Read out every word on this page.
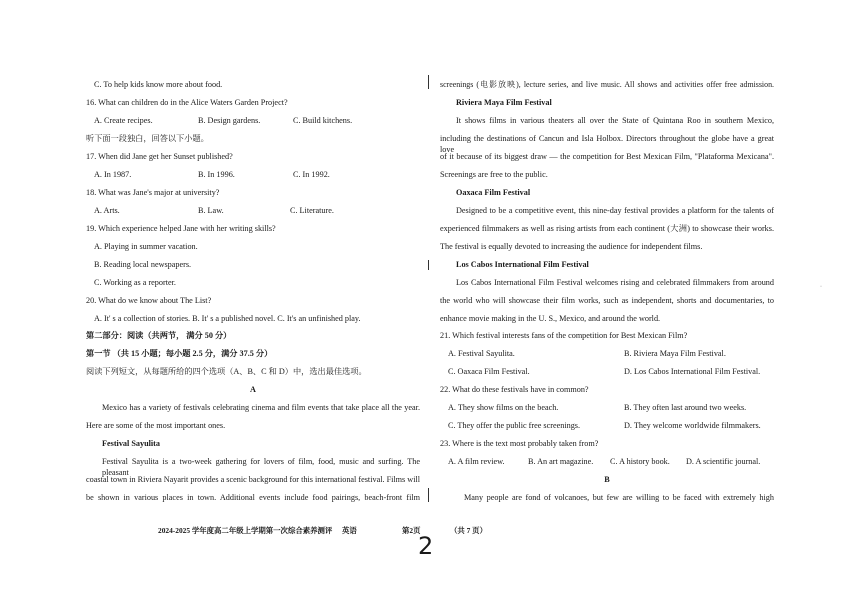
C. To help kids know more about food.
16. What can children do in the Alice Waters Garden Project?
A. Create recipes.	B. Design gardens.	C. Build kitchens.
听下面一段独白，回答以下小题。
17. When did Jane get her Sunset published?
A. In 1987.	B. In 1996.	C. In 1992.
18. What was Jane's major at university?
A. Arts.	B. Law.	C. Literature.
19. Which experience helped Jane with her writing skills?
A. Playing in summer vacation.
B. Reading local newspapers.
C. Working as a reporter.
20. What do we know about The List?
A. It' s a collection of stories. B. It' s a published novel. C. It's an unfinished play.
第二部分：阅读（共两节， 满分 50 分）
第一节 （共 15 小题；每小题 2.5 分，满分 37.5 分）
阅读下列短文，从每题所给的四个选项（A、B、C 和 D）中，选出最佳选项。
A
Mexico has a variety of festivals celebrating cinema and film events that take place all the year.
Here are some of the most important ones.
Festival Sayulita
Festival Sayulita is a two-week gathering for lovers of film, food, music and surfing. The pleasant
coastal town in Riviera Nayarit provides a scenic background for this international festival. Films will
be shown in various places in town. Additional events include food pairings, beach-front film
screenings (电影放映), lecture series, and live music. All shows and activities offer free admission.
Riviera Maya Film Festival
It shows films in various theaters all over the State of Quintana Roo in southern Mexico,
including the destinations of Cancun and Isla Holbox. Directors throughout the globe have a great love
of it because of its biggest draw — the competition for Best Mexican Film, "Plataforma Mexicana".
Screenings are free to the public.
Oaxaca Film Festival
Designed to be a competitive event, this nine-day festival provides a platform for the talents of
experienced filmmakers as well as rising artists from each continent (大洲) to showcase their works.
The festival is equally devoted to increasing the audience for independent films.
Los Cabos International Film Festival
Los Cabos International Film Festival welcomes rising and celebrated filmmakers from around
the world who will showcase their film works, such as independent, shorts and documentaries, to
enhance movie making in the U. S., Mexico, and around the world.
21. Which festival interests fans of the competition for Best Mexican Film?
A. Festival Sayulita.	B. Riviera Maya Film Festival.
C. Oaxaca Film Festival.	D. Los Cabos International Film Festival.
22. What do these festivals have in common?
A. They show films on the beach.	B. They often last around two weeks.
C. They offer the public free screenings.	D. They welcome worldwide filmmakers.
23. Where is the text most probably taken from?
A. A film review.	B. An art magazine. C. A history book. D. A scientific journal.
B
Many people are fond of volcanoes, but few are willing to be faced with extremely high
2024-2025 学年度高二年级上学期第一次综合素养测评 英语	第2页	（共 7 页）
2
·
